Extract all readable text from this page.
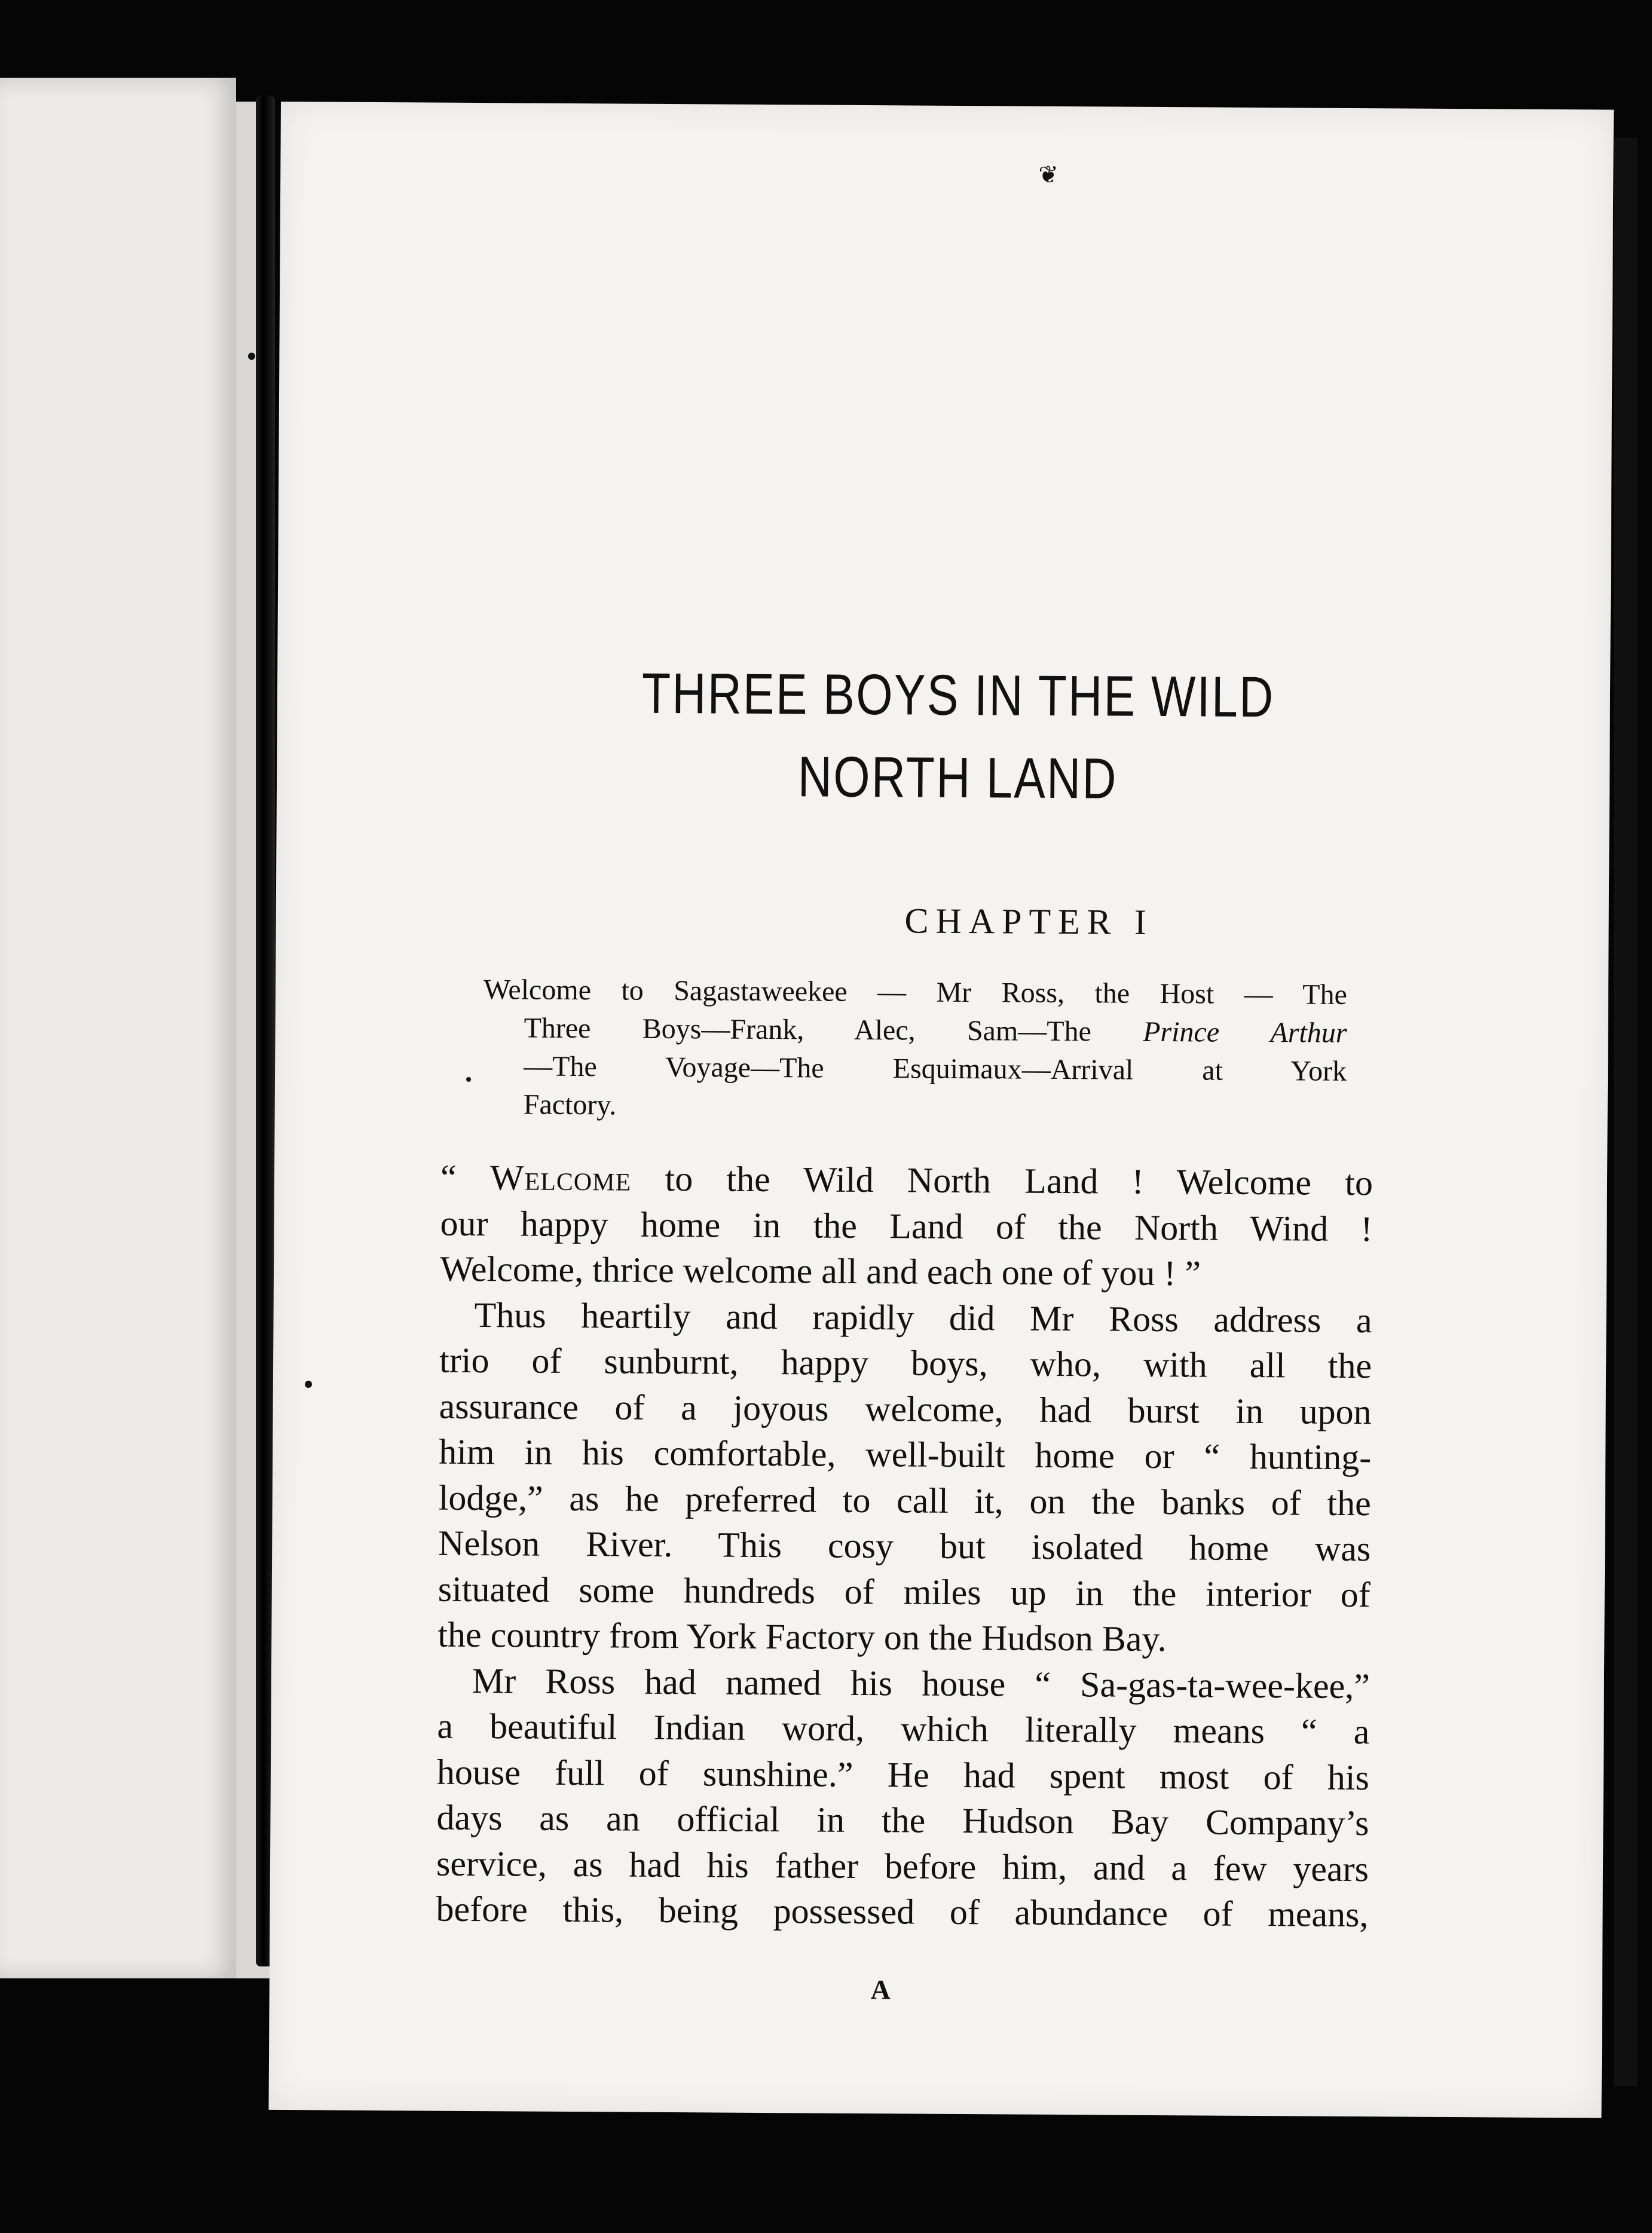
❦
THREE BOYS IN THE WILD
NORTH LAND
CHAPTER I

Welcome to Sagastaweekee — Mr Ross, the Host — The
Three Boys—Frank, Alec, Sam—The Prince Arthur
—The Voyage—The Esquimaux—Arrival at York
Factory.

“ Welcome to the Wild North Land ! Welcome to
our happy home in the Land of the North Wind !
Welcome, thrice welcome all and each one of you ! ”
Thus heartily and rapidly did Mr Ross address a
trio of sunburnt, happy boys, who, with all the
assurance of a joyous welcome, had burst in upon
him in his comfortable, well-built home or “ hunting-
lodge,” as he preferred to call it, on the banks of the
Nelson River. This cosy but isolated home was
situated some hundreds of miles up in the interior of
the country from York Factory on the Hudson Bay.
Mr Ross had named his house “ Sa-gas-ta-wee-kee,”
a beautiful Indian word, which literally means “ a
house full of sunshine.” He had spent most of his
days as an official in the Hudson Bay Company’s
service, as had his father before him, and a few years
before this, being possessed of abundance of means,
A
